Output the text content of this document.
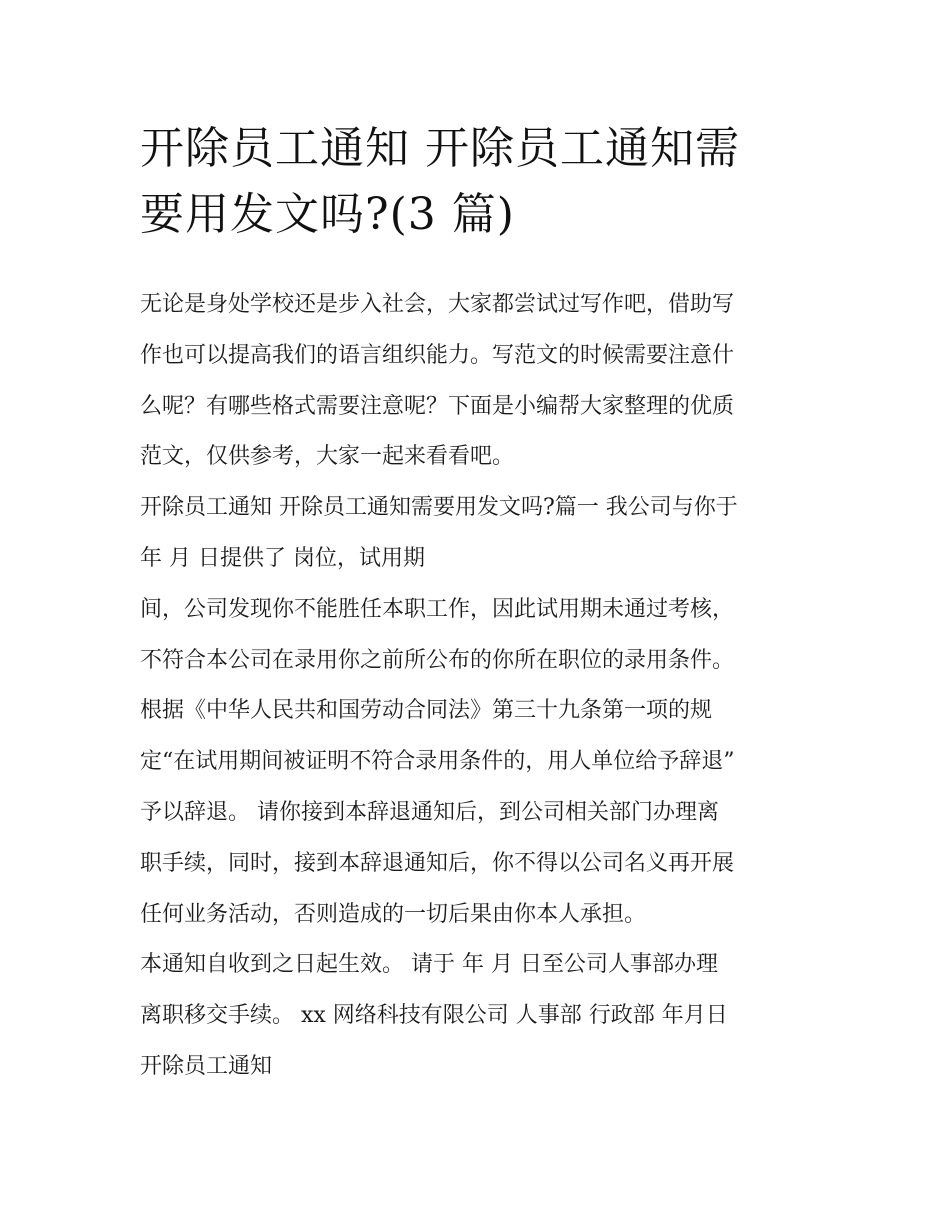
开除员工通知 开除员工通知需
要用发文吗?(3 篇)
无论是身处学校还是步入社会，大家都尝试过写作吧，借助写
作也可以提高我们的语言组织能力。写范文的时候需要注意什
么呢？有哪些格式需要注意呢？下面是小编帮大家整理的优质
范文，仅供参考，大家一起来看看吧。
开除员工通知 开除员工通知需要用发文吗?篇一 我公司与你于
年 月 日提供了 岗位，试用期
间，公司发现你不能胜任本职工作，因此试用期未通过考核，
不符合本公司在录用你之前所公布的你所在职位的录用条件。
根据《中华人民共和国劳动合同法》第三十九条第一项的规
定“在试用期间被证明不符合录用条件的，用人单位给予辞退”
予以辞退。 请你接到本辞退通知后，到公司相关部门办理离
职手续，同时，接到本辞退通知后，你不得以公司名义再开展
任何业务活动，否则造成的一切后果由你本人承担。
本通知自收到之日起生效。 请于 年 月 日至公司人事部办理
离职移交手续。 xx 网络科技有限公司 人事部 行政部 年月日
开除员工通知
